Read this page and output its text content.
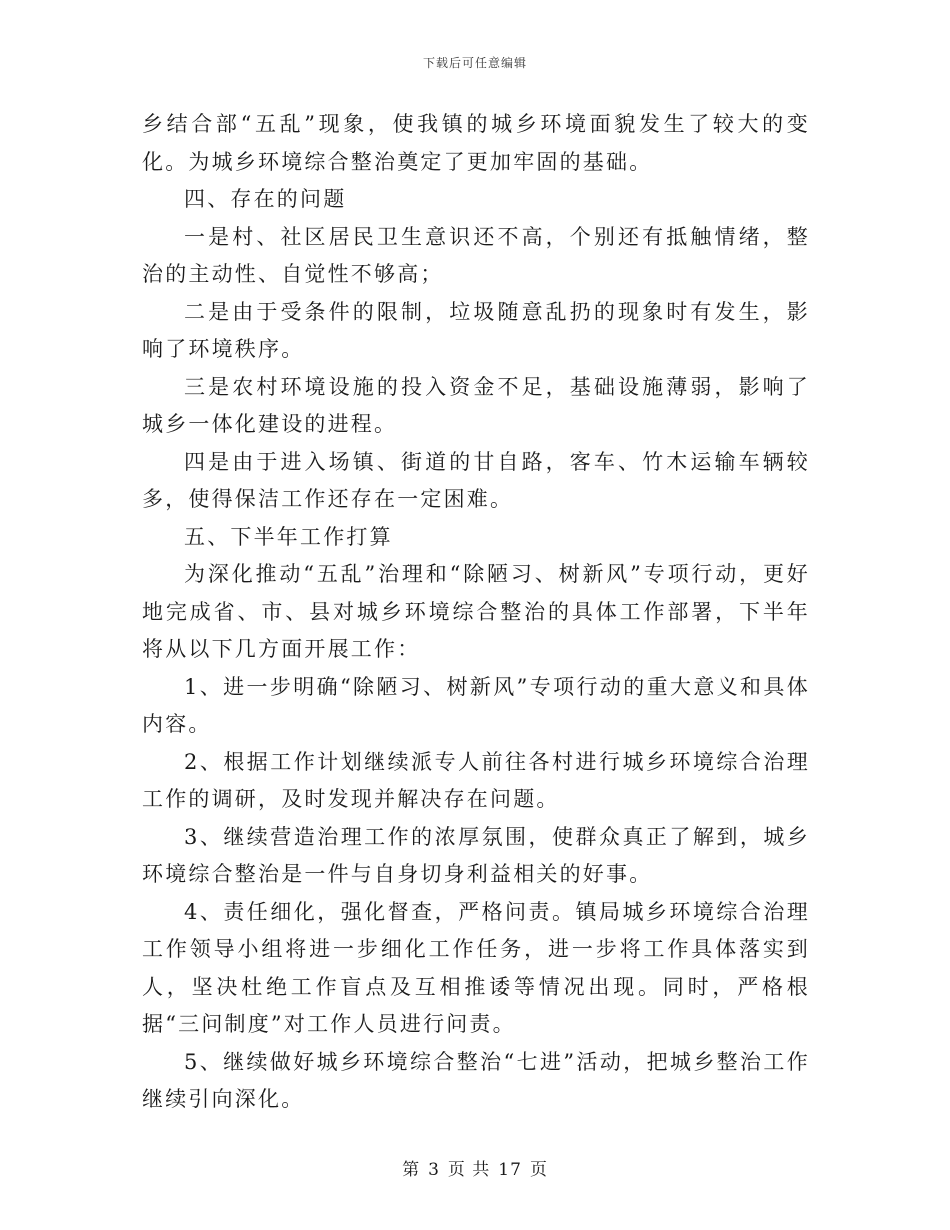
下载后可任意编辑

乡结合部“五乱”现象，使我镇的城乡环境面貌发生了较大的变化。为城乡环境综合整治奠定了更加牢固的基础。

四、存在的问题

一是村、社区居民卫生意识还不高，个别还有抵触情绪，整治的主动性、自觉性不够高；

二是由于受条件的限制，垃圾随意乱扔的现象时有发生，影响了环境秩序。

三是农村环境设施的投入资金不足，基础设施薄弱，影响了城乡一体化建设的进程。

四是由于进入场镇、街道的甘自路，客车、竹木运输车辆较多，使得保洁工作还存在一定困难。

五、下半年工作打算

为深化推动“五乱”治理和“除陋习、树新风”专项行动，更好地完成省、市、县对城乡环境综合整治的具体工作部署，下半年将从以下几方面开展工作：

1、进一步明确“除陋习、树新风”专项行动的重大意义和具体内容。

2、根据工作计划继续派专人前往各村进行城乡环境综合治理工作的调研，及时发现并解决存在问题。

3、继续营造治理工作的浓厚氛围，使群众真正了解到，城乡环境综合整治是一件与自身切身利益相关的好事。

4、责任细化，强化督查，严格问责。镇局城乡环境综合治理工作领导小组将进一步细化工作任务，进一步将工作具体落实到人，坚决杜绝工作盲点及互相推诿等情况出现。同时，严格根据“三问制度”对工作人员进行问责。

5、继续做好城乡环境综合整治“七进”活动，把城乡整治工作继续引向深化。

第 3 页 共 17 页
